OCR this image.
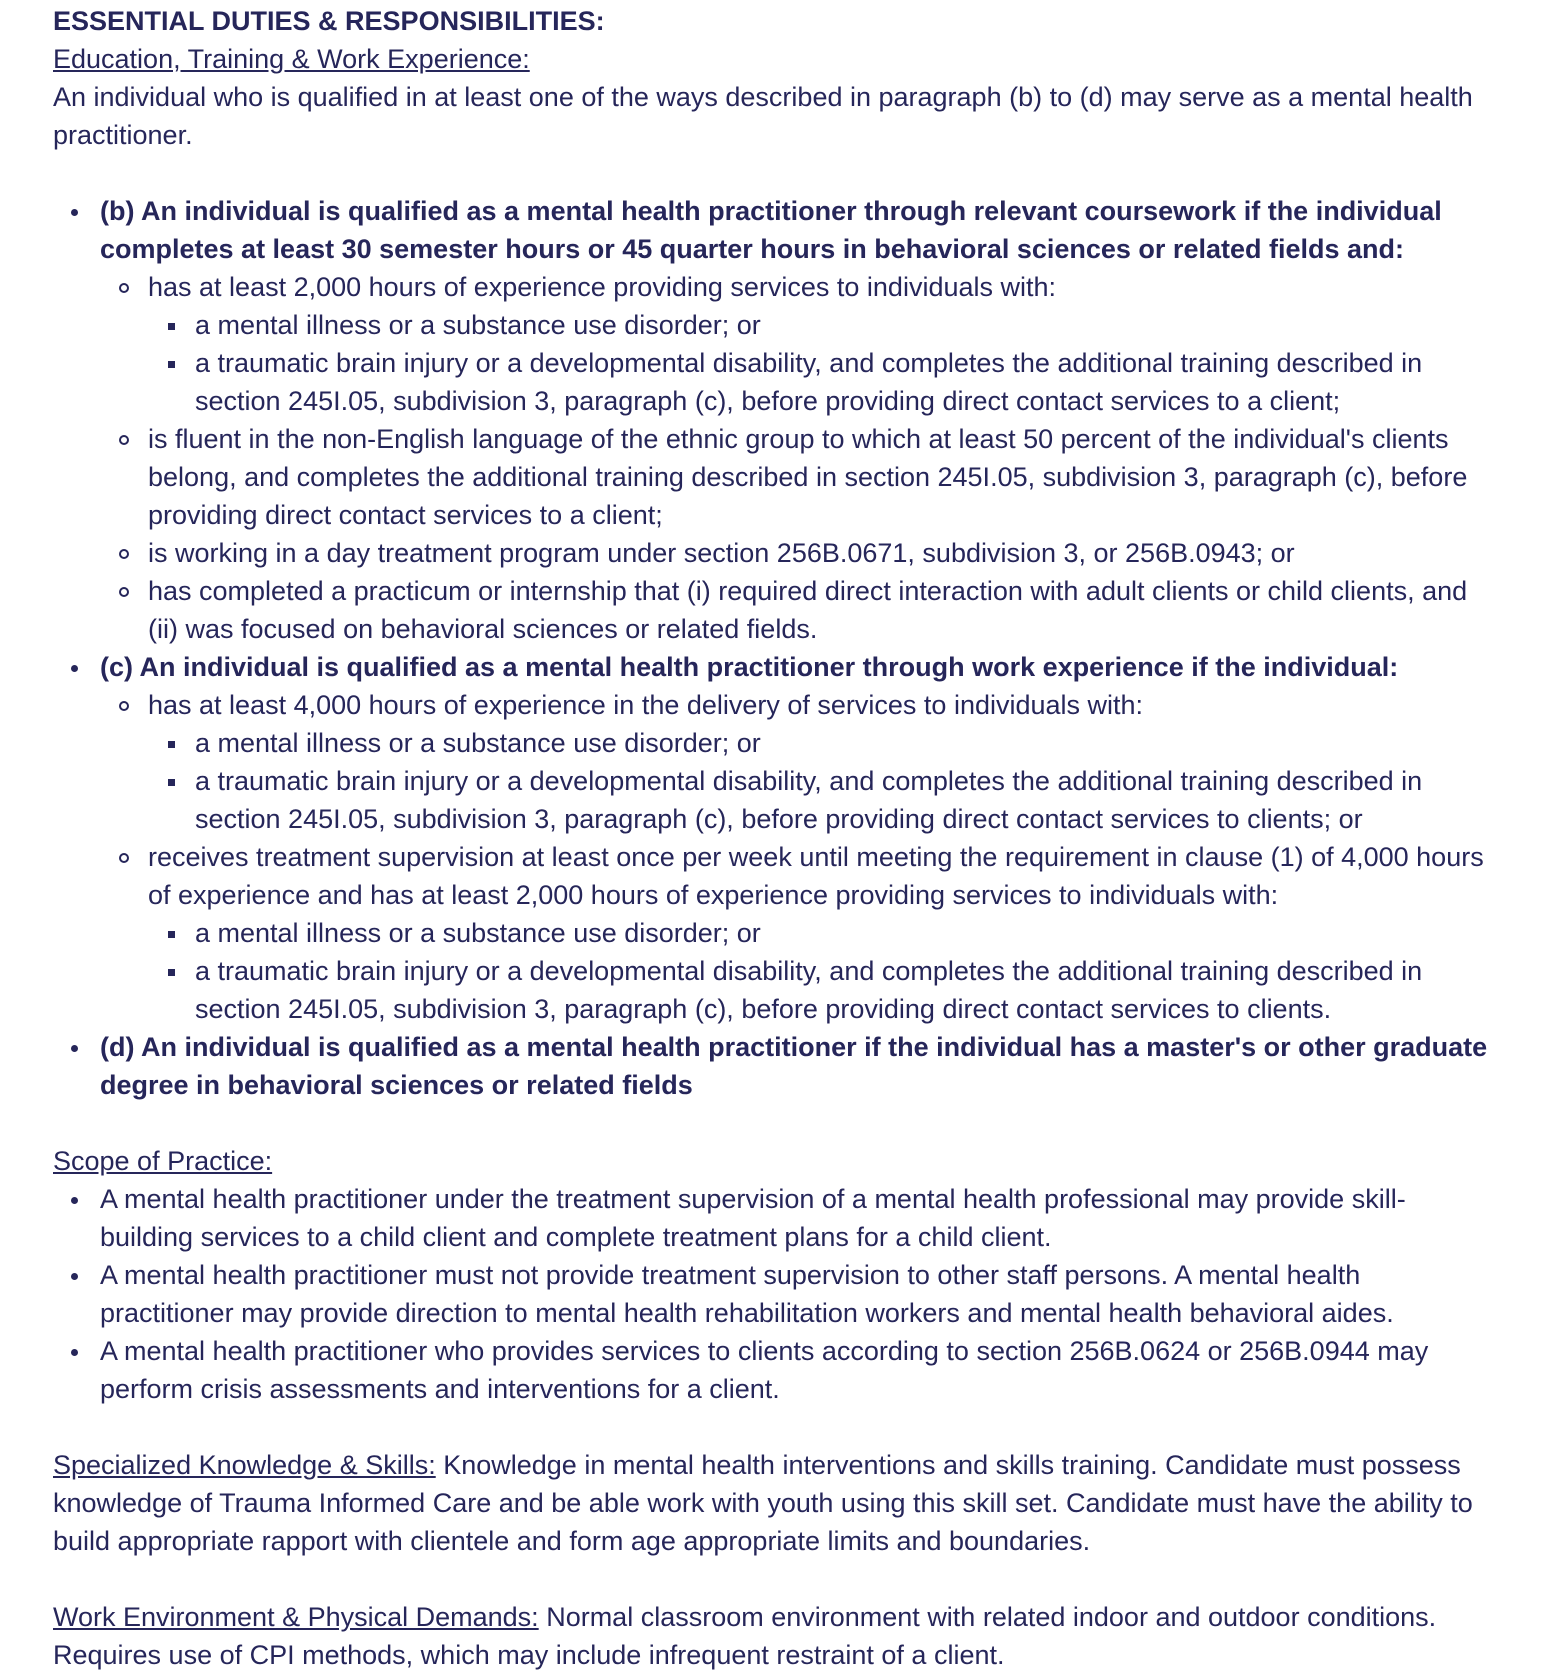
ESSENTIAL DUTIES & RESPONSIBILITIES:

Education, Training & Work Experience:

An individual who is qualified in at least one of the ways described in paragraph (b) to (d) may serve as a mental health practitioner.

(b) An individual is qualified as a mental health practitioner through relevant coursework if the individual completes at least 30 semester hours or 45 quarter hours in behavioral sciences or related fields and:
has at least 2,000 hours of experience providing services to individuals with:
a mental illness or a substance use disorder; or
a traumatic brain injury or a developmental disability, and completes the additional training described in section 245I.05, subdivision 3, paragraph (c), before providing direct contact services to a client;
is fluent in the non-English language of the ethnic group to which at least 50 percent of the individual's clients belong, and completes the additional training described in section 245I.05, subdivision 3, paragraph (c), before providing direct contact services to a client;
is working in a day treatment program under section 256B.0671, subdivision 3, or 256B.0943; or
has completed a practicum or internship that (i) required direct interaction with adult clients or child clients, and (ii) was focused on behavioral sciences or related fields.
(c) An individual is qualified as a mental health practitioner through work experience if the individual:
has at least 4,000 hours of experience in the delivery of services to individuals with:
a mental illness or a substance use disorder; or
a traumatic brain injury or a developmental disability, and completes the additional training described in section 245I.05, subdivision 3, paragraph (c), before providing direct contact services to clients; or
receives treatment supervision at least once per week until meeting the requirement in clause (1) of 4,000 hours of experience and has at least 2,000 hours of experience providing services to individuals with:
a mental illness or a substance use disorder; or
a traumatic brain injury or a developmental disability, and completes the additional training described in section 245I.05, subdivision 3, paragraph (c), before providing direct contact services to clients.
(d) An individual is qualified as a mental health practitioner if the individual has a master's or other graduate degree in behavioral sciences or related fields

Scope of Practice:

A mental health practitioner under the treatment supervision of a mental health professional may provide skill-building services to a child client and complete treatment plans for a child client.
A mental health practitioner must not provide treatment supervision to other staff persons. A mental health practitioner may provide direction to mental health rehabilitation workers and mental health behavioral aides.
A mental health practitioner who provides services to clients according to section 256B.0624 or 256B.0944 may perform crisis assessments and interventions for a client.

Specialized Knowledge & Skills: Knowledge in mental health interventions and skills training. Candidate must possess knowledge of Trauma Informed Care and be able work with youth using this skill set. Candidate must have the ability to build appropriate rapport with clientele and form age appropriate limits and boundaries.

Work Environment & Physical Demands: Normal classroom environment with related indoor and outdoor conditions. Requires use of CPI methods, which may include infrequent restraint of a client.
